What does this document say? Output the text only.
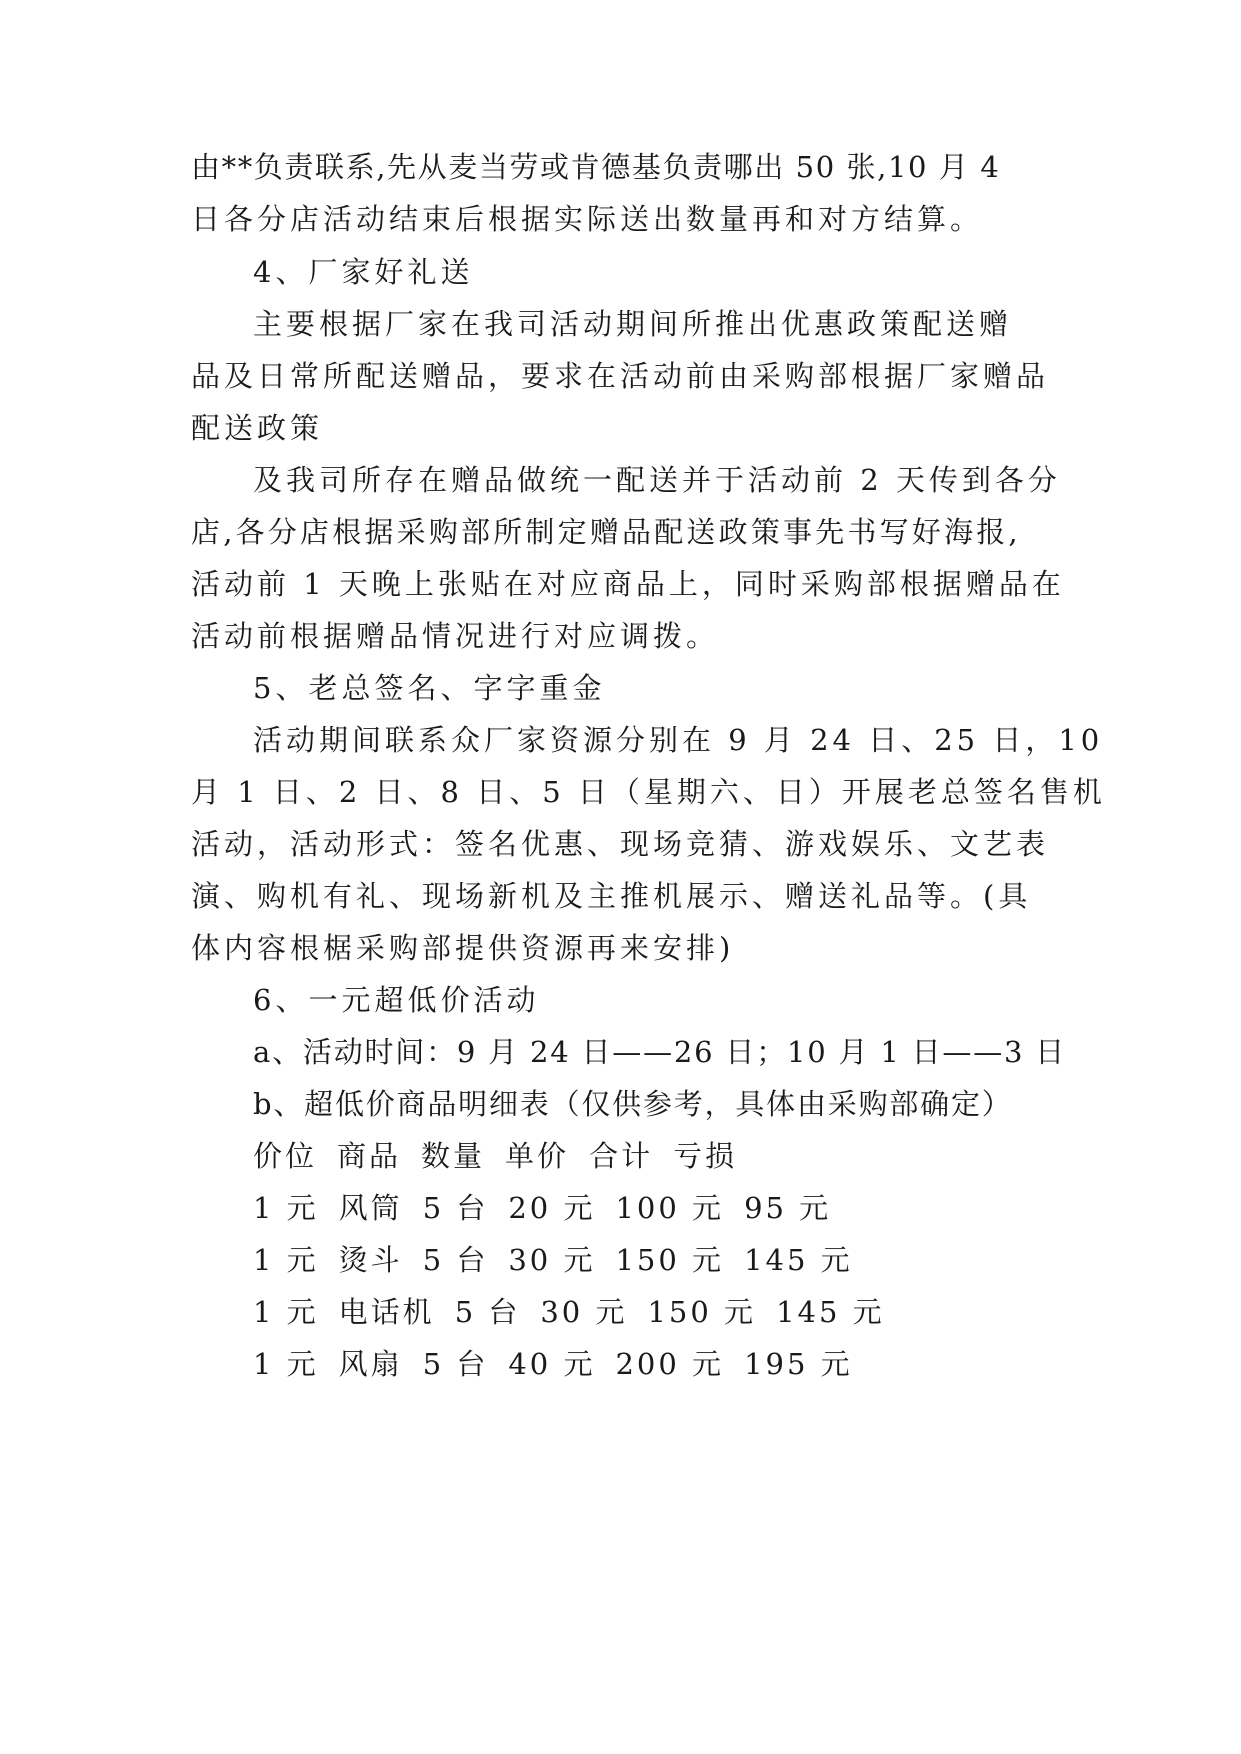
由**负责联系,先从麦当劳或肯德基负责哪出 50 张,10 月 4
日各分店活动结束后根据实际送出数量再和对方结算。
4、厂家好礼送
主要根据厂家在我司活动期间所推出优惠政策配送赠
品及日常所配送赠品，要求在活动前由采购部根据厂家赠品
配送政策
及我司所存在赠品做统一配送并于活动前 2 天传到各分
店,各分店根据采购部所制定赠品配送政策事先书写好海报,
活动前 1 天晚上张贴在对应商品上，同时采购部根据赠品在
活动前根据赠品情况进行对应调拨。
5、老总签名、字字重金
活动期间联系众厂家资源分别在 9 月 24 日、25 日，10
月 1 日、2 日、8 日、5 日（星期六、日）开展老总签名售机
活动，活动形式：签名优惠、现场竞猜、游戏娱乐、文艺表
演、购机有礼、现场新机及主推机展示、赠送礼品等。(具
体内容根椐采购部提供资源再来安排)
6、一元超低价活动
a、活动时间：9 月 24 日——26 日；10 月 1 日——3 日
b、超低价商品明细表（仅供参考，具体由采购部确定）
价位 商品 数量 单价 合计 亏损
1 元 风筒 5 台 20 元 100 元 95 元
1 元 烫斗 5 台 30 元 150 元 145 元
1 元 电话机 5 台 30 元 150 元 145 元
1 元 风扇 5 台 40 元 200 元 195 元
